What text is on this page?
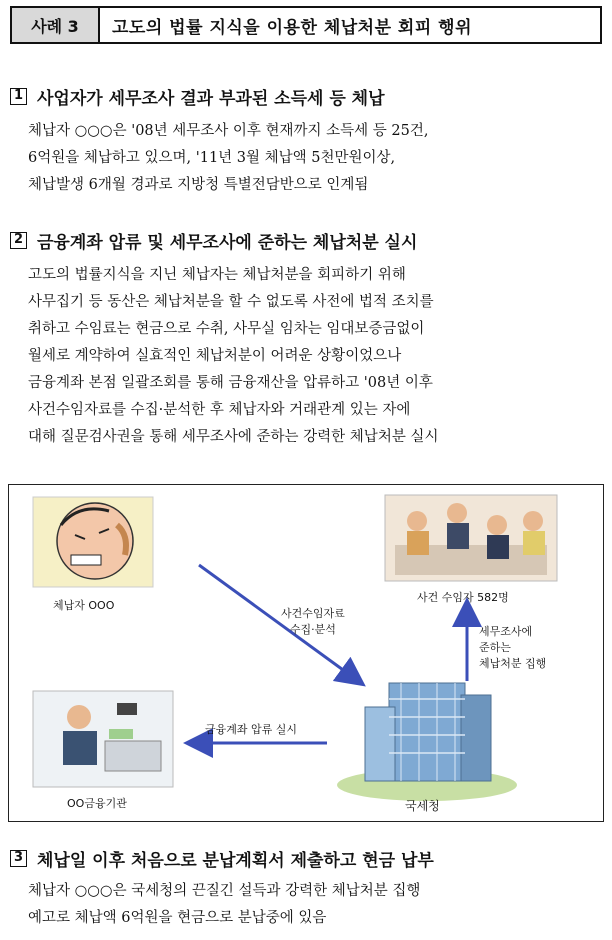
사례 3	고도의 법률 지식을 이용한 체납처분 회피 행위
1 사업자가 세무조사 결과 부과된 소득세 등 체납
체납자 ○○○은 '08년 세무조사 이후 현재까지 소득세 등 25건,
6억원을 체납하고 있으며, '11년 3월 체납액 5천만원이상,
체납발생 6개월 경과로 지방청 특별전담반으로 인계됨
2 금융계좌 압류 및 세무조사에 준하는 체납처분 실시
고도의 법률지식을 지닌 체납자는 체납처분을 회피하기 위해
사무집기 등 동산은 체납처분을 할 수 없도록 사전에 법적 조치를
취하고 수임료는 현금으로 수취, 사무실 임차는 임대보증금없이
월세로 계약하여 실효적인 체납처분이 어려운 상황이었으나
금융계좌 본점 일괄조회를 통해 금융재산을 압류하고 '08년 이후
사건수임자료를 수집·분석한 후 체납자와 거래관계 있는 자에
대해 질문검사권을 통해 세무조사에 준하는 강력한 체납처분 실시
체납자 OOO
사건 수임자 582명
사건수임자료
수집·분석	세무조사에
준하는
체납처분 집행
금융계좌 압류 실시
OO금융기관	국세청
3 체납일 이후 처음으로 분납계획서 제출하고 현금 납부
체납자 ○○○은 국세청의 끈질긴 설득과 강력한 체납처분 집행
예고로 체납액 6억원을 현금으로 분납중에 있음
